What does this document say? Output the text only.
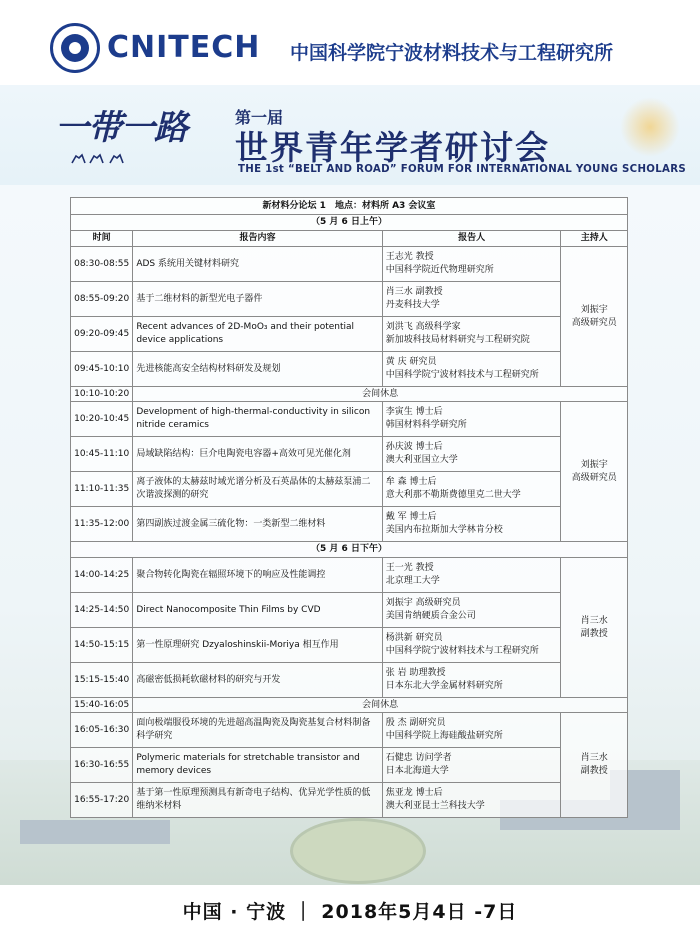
CNITECH 中国科学院宁波材料技术与工程研究所
一带一路	第一届
世界青年学者研讨会
THE 1st “BELT AND ROAD” FORUM FOR INTERNATIONAL YOUNG SCHOLARS
新材料分论坛 1　地点：材料所 A3 会议室			
（5 月 6 日上午）			
时间	报告内容	报告人	主持人
08:30-08:55	ADS 系统用关键材料研究	王志光 教授
中国科学院近代物理研究所	刘振宇
高级研究员

08:55-09:20	基于二维材料的新型光电子器件	肖三水 副教授
丹麦科技大学	

09:20-09:45	Recent advances of 2D-MoO₃ and their potential device applications	刘洪飞 高级科学家
新加坡科技局材料研究与工程研究院	

09:45-10:10	先进核能高安全结构材料研发及规划	黄 庆 研究员
中国科学院宁波材料技术与工程研究所	

10:10-10:20	会间休息		
10:20-10:45	Development of high-thermal-conductivity in silicon nitride ceramics	李寅生 博士后
韩国材料科学研究所	刘振宇
高级研究员

10:45-11:10	局域缺陷结构：巨介电陶瓷电容器+高效可见光催化剂	孙庆波 博士后
澳大利亚国立大学	

11:10-11:35	离子液体的太赫兹时域光谱分析及石英晶体的太赫兹泵浦二次谐波探测的研究	牟 森 博士后
意大利那不勒斯费德里克二世大学	

11:35-12:00	第四副族过渡金属三硫化物：一类新型二维材料	戴 军 博士后
美国内布拉斯加大学林肯分校	

（5 月 6 日下午）			
14:00-14:25	聚合物转化陶瓷在辐照环境下的响应及性能调控	王一光 教授
北京理工大学	肖三水
副教授

14:25-14:50	Direct Nanocomposite Thin Films by CVD	刘振宇 高级研究员
美国肯纳硬质合金公司	

14:50-15:15	第一性原理研究 Dzyaloshinskii-Moriya 相互作用	杨洪新 研究员
中国科学院宁波材料技术与工程研究所	

15:15-15:40	高磁密低损耗软磁材料的研究与开发	张 岩 助理教授
日本东北大学金属材料研究所	

15:40-16:05	会间休息		
16:05-16:30	面向极端服役环境的先进超高温陶瓷及陶瓷基复合材料制备科学研究	殷 杰 副研究员
中国科学院上海硅酸盐研究所	肖三水
副教授

16:30-16:55	Polymeric materials for stretchable transistor and memory devices	石健忠 访问学者
日本北海道大学	

16:55-17:20	基于第一性原理预测具有新奇电子结构、优异光学性质的低维纳米材料	焦亚龙 博士后
澳大利亚昆士兰科技大学	
中国 · 宁波 ｜ 2018年5月4日 -7日
